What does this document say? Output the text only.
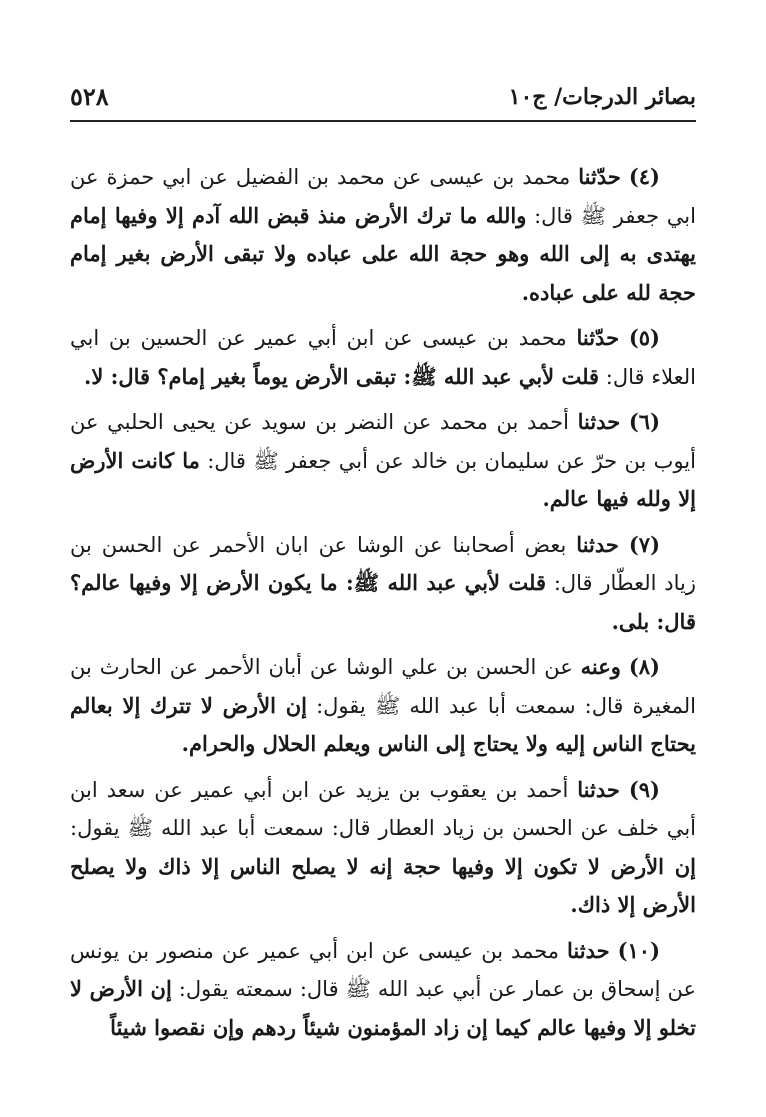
بصائر الدرجات/ ج١٠
٥٢٨

(٤) حدّثنا محمد بن عيسى عن محمد بن الفضيل عن ابي حمزة عن ابي جعفر ﷺ قال: والله ما ترك الأرض منذ قبض الله آدم إلا وفيها إمام يهتدى به إلى الله وهو حجة الله على عباده ولا تبقى الأرض بغير إمام حجة لله على عباده.

(٥) حدّثنا محمد بن عيسى عن ابن أبي عمير عن الحسين بن ابي العلاء قال: قلت لأبي عبد الله ﷺ: تبقى الأرض يوماً بغير إمام؟ قال: لا.

(٦) حدثنا أحمد بن محمد عن النضر بن سويد عن يحيى الحلبي عن أيوب بن حرّ عن سليمان بن خالد عن أبي جعفر ﷺ قال: ما كانت الأرض إلا ولله فيها عالم.

(٧) حدثنا بعض أصحابنا عن الوشا عن ابان الأحمر عن الحسن بن زياد العطّار قال: قلت لأبي عبد الله ﷺ: ما يكون الأرض إلا وفيها عالم؟ قال: بلى.

(٨) وعنه عن الحسن بن علي الوشا عن أبان الأحمر عن الحارث بن المغيرة قال: سمعت أبا عبد الله ﷺ يقول: إن الأرض لا تترك إلا بعالم يحتاج الناس إليه ولا يحتاج إلى الناس ويعلم الحلال والحرام.

(٩) حدثنا أحمد بن يعقوب بن يزيد عن ابن أبي عمير عن سعد ابن أبي خلف عن الحسن بن زياد العطار قال: سمعت أبا عبد الله ﷺ يقول: إن الأرض لا تكون إلا وفيها حجة إنه لا يصلح الناس إلا ذاك ولا يصلح الأرض إلا ذاك.

(١٠) حدثنا محمد بن عيسى عن ابن أبي عمير عن منصور بن يونس عن إسحاق بن عمار عن أبي عبد الله ﷺ قال: سمعته يقول: إن الأرض لا تخلو إلا وفيها عالم كيما إن زاد المؤمنون شيئاً ردهم وإن نقصوا شيئاً
